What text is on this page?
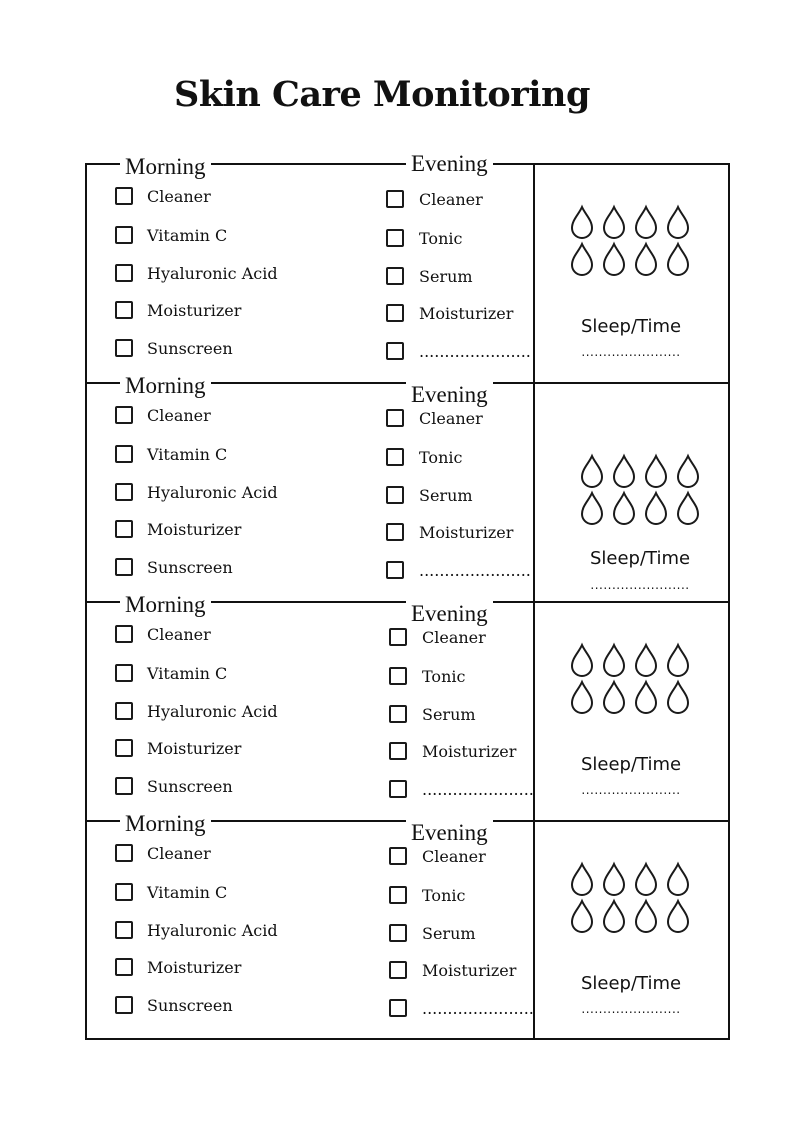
Skin Care Monitoring
Morning	Evening
Cleaner
Vitamin C
Hyaluronic Acid
Moisturizer
Sunscreen
Cleaner
Tonic
Serum
Moisturizer
......................
Sleep/Time
.......................
Morning	Evening
Cleaner
Vitamin C
Hyaluronic Acid
Moisturizer
Sunscreen
Cleaner
Tonic
Serum
Moisturizer
......................
Sleep/Time
.......................
Morning	Evening
Cleaner
Vitamin C
Hyaluronic Acid
Moisturizer
Sunscreen
Cleaner
Tonic
Serum
Moisturizer
......................
Sleep/Time
.......................
Morning	Evening
Cleaner
Vitamin C
Hyaluronic Acid
Moisturizer
Sunscreen
Cleaner
Tonic
Serum
Moisturizer
......................
Sleep/Time
.......................
